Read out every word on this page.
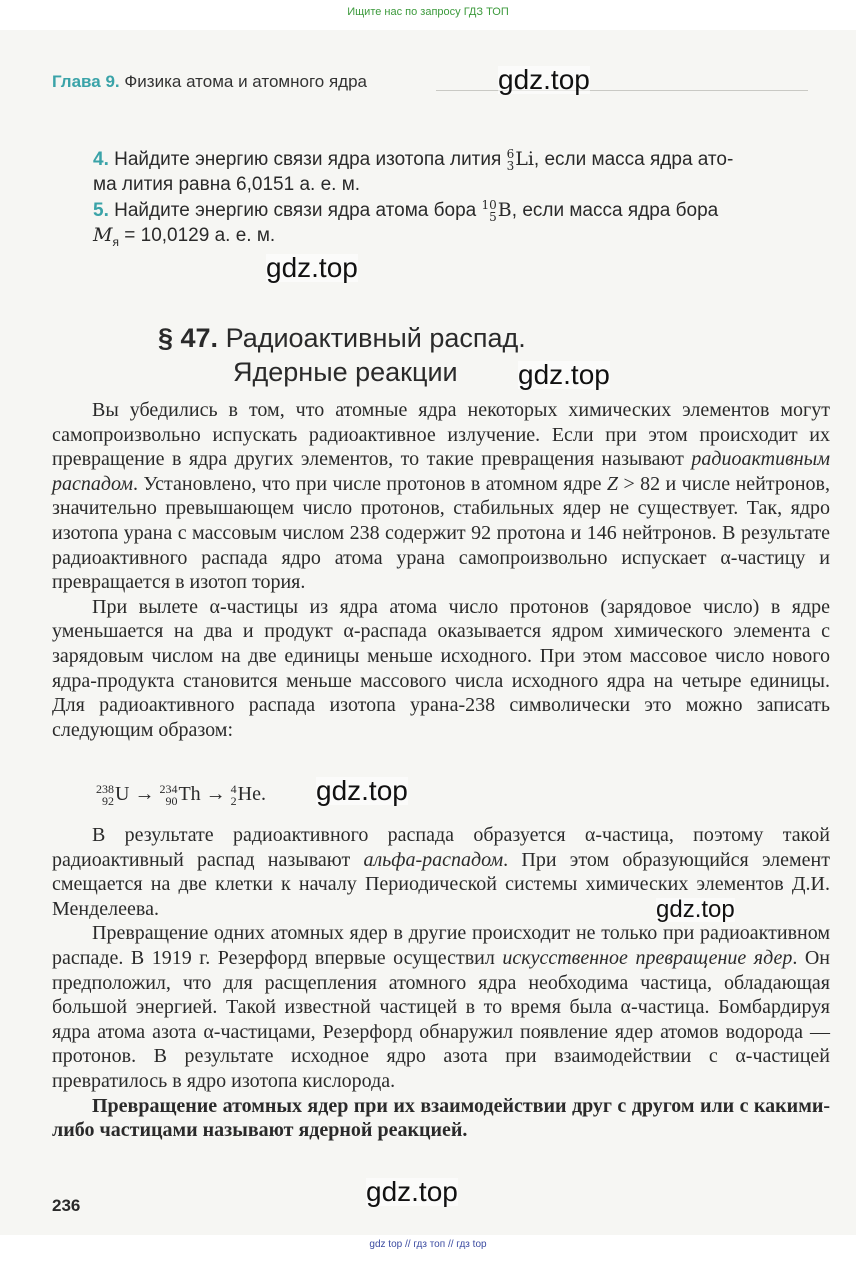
Ищите нас по запросу ГДЗ ТОП
Глава 9. Физика атома и атомного ядра	gdz.top
4. Найдите энергию связи ядра изотопа лития 6
3 Li, если масса ядра ато-
ма лития равна 6,0151 а. е. м.
5. Найдите энергию связи ядра атома бора 10
5 B, если масса ядра бора
$M_я = 10,0129$ а. е. м.
gdz.top
§ 47. Радиоактивный распад.
Ядерные реакции gdz.top

Вы убедились в том, что атомные ядра некоторых химических элементов могут самопроизвольно испускать радиоактивное излучение. Если при этом происходит их превращение в ядра других элементов, то такие превращения называют радиоактивным распадом. Установлено, что при числе протонов в атомном ядре Z > 82 и числе нейтронов, значительно превышающем число протонов, стабильных ядер не существует. Так, ядро изотопа урана с массовым числом 238 содержит 92 протона и 146 нейтронов. В результате радиоактивного распада ядро атома урана самопроизвольно испускает α-частицу и превращается в изотоп тория.

При вылете α-частицы из ядра атома число протонов (зарядовое число) в ядре уменьшается на два и продукт α-распада оказывается ядром химического элемента с зарядовым числом на две единицы меньше исходного. При этом массовое число нового ядра-продукта становится меньше массового числа исходного ядра на четыре единицы. Для радиоактивного распада изотопа урана-238 символически это можно записать следующим образом:

238
92 U → 234
90 Th → 4
2 He. gdz.top

В результате радиоактивного распада образуется α-частица, поэтому такой радиоактивный распад называют альфа-распадом. При этом образующийся элемент смещается на две клетки к началу Периодической системы химических элементов Д.И. Менделеева.

Превращение одних атомных ядер в другие происходит не только при радиоактивном распаде. В 1919 г. Резерфорд впервые осуществил искусственное превращение ядер. Он предположил, что для расщепления атомного ядра необходима частица, обладающая большой энергией. Такой известной частицей в то время была α-частица. Бомбардируя ядра атома азота α-частицами, Резерфорд обнаружил появление ядер атомов водорода — протонов. В результате исходное ядро азота при взаимодействии с α-частицей превратилось в ядро изотопа кислорода.

Превращение атомных ядер при их взаимодействии друг с другом или с какими-либо частицами называют ядерной реакцией.

gdz.top
236	gdz.top
gdz top // гдз топ // гдз top
